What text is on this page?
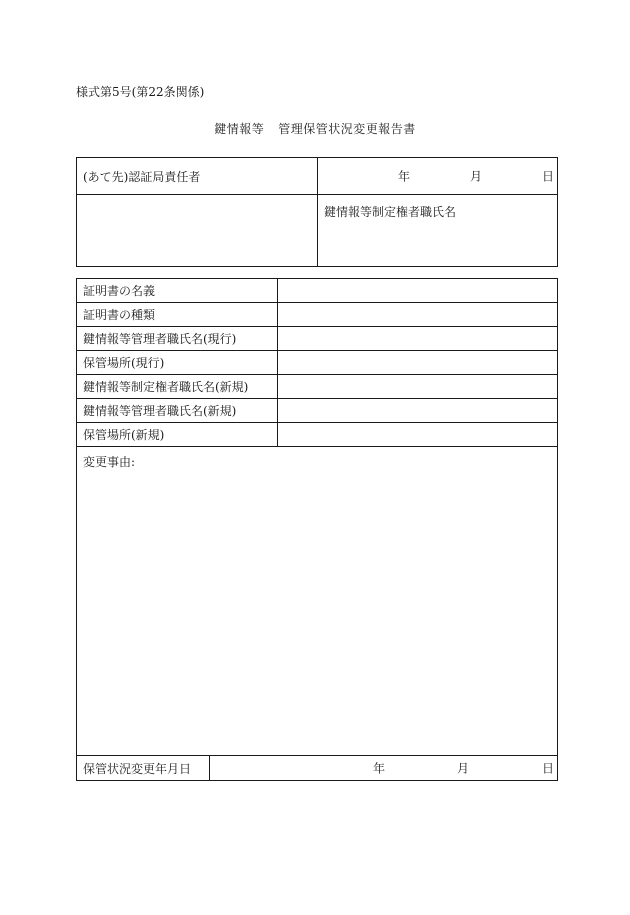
様式第5号(第22条関係)
鍵情報等 管理保管状況変更報告書
(あて先)認証局責任者	年 月 日

	鍵情報等制定権者職氏名
証明書の名義		
証明書の種類		
鍵情報等管理者職氏名(現行)		
保管場所(現行)		
鍵情報等制定権者職氏名(新規)		
鍵情報等管理者職氏名(新規)		
保管場所(新規)		
変更事由:		
保管状況変更年月日	年 月 日	
